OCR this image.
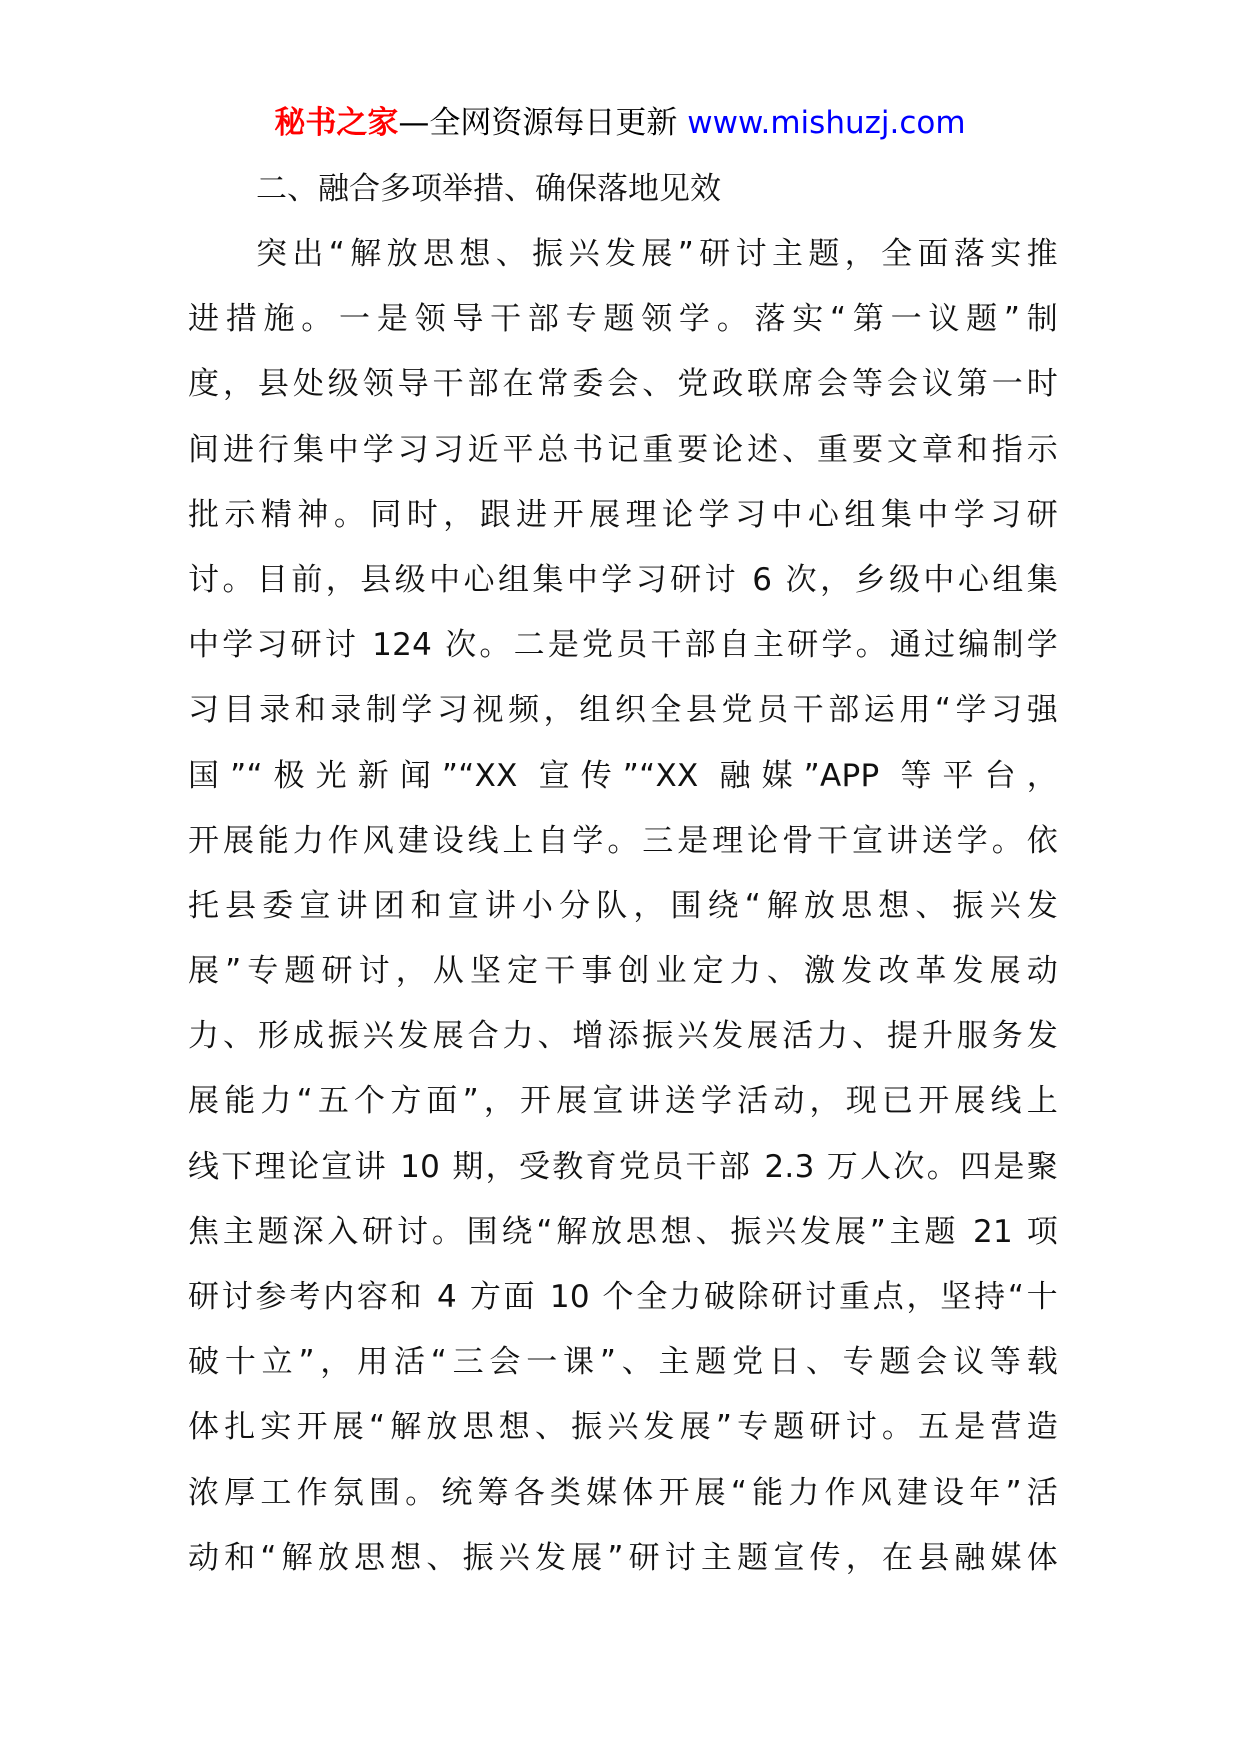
秘书之家—全网资源每日更新 www.mishuzj.com
二、融合多项举措、确保落地见效
突出“解放思想、振兴发展”研讨主题，全面落实推
进措施。一是领导干部专题领学。落实“第一议题”制
度，县处级领导干部在常委会、党政联席会等会议第一时
间进行集中学习习近平总书记重要论述、重要文章和指示
批示精神。同时，跟进开展理论学习中心组集中学习研
讨。目前，县级中心组集中学习研讨 6 次，乡级中心组集
中学习研讨 124 次。二是党员干部自主研学。通过编制学
习目录和录制学习视频，组织全县党员干部运用“学习强
国”“极光新闻”“XX 宣传”“XX 融媒”APP 等平台，
开展能力作风建设线上自学。三是理论骨干宣讲送学。依
托县委宣讲团和宣讲小分队，围绕“解放思想、振兴发
展”专题研讨，从坚定干事创业定力、激发改革发展动
力、形成振兴发展合力、增添振兴发展活力、提升服务发
展能力“五个方面”，开展宣讲送学活动，现已开展线上
线下理论宣讲 10 期，受教育党员干部 2.3 万人次。四是聚
焦主题深入研讨。围绕“解放思想、振兴发展”主题 21 项
研讨参考内容和 4 方面 10 个全力破除研讨重点，坚持“十
破十立”，用活“三会一课”、主题党日、专题会议等载
体扎实开展“解放思想、振兴发展”专题研讨。五是营造
浓厚工作氛围。统筹各类媒体开展“能力作风建设年”活
动和“解放思想、振兴发展”研讨主题宣传，在县融媒体
